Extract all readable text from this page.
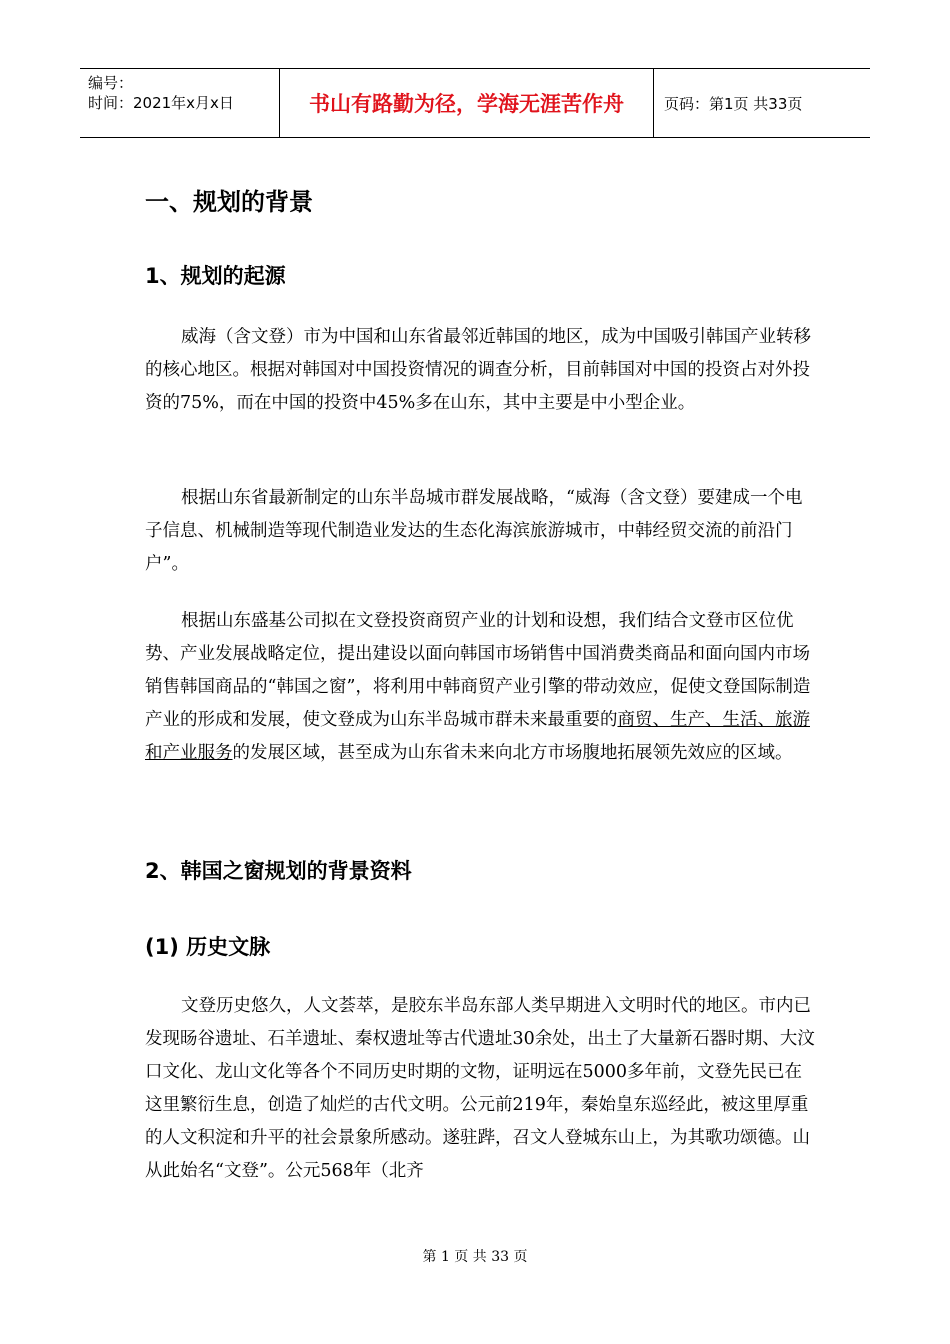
编号：
时间：2021年x月x日	书山有路勤为径，学海无涯苦作舟	页码：第1页 共33页
一、规划的背景
1、规划的起源
威海（含文登）市为中国和山东省最邻近韩国的地区，成为中国吸引韩国产业转移的核心地区。根据对韩国对中国投资情况的调查分析，目前韩国对中国的投资占对外投资的75%，而在中国的投资中45%多在山东，其中主要是中小型企业。
根据山东省最新制定的山东半岛城市群发展战略，“威海（含文登）要建成一个电子信息、机械制造等现代制造业发达的生态化海滨旅游城市，中韩经贸交流的前沿门户”。
根据山东盛基公司拟在文登投资商贸产业的计划和设想，我们结合文登市区位优势、产业发展战略定位，提出建设以面向韩国市场销售中国消费类商品和面向国内市场销售韩国商品的“韩国之窗”，将利用中韩商贸产业引擎的带动效应，促使文登国际制造产业的形成和发展，使文登成为山东半岛城市群未来最重要的商贸、生产、生活、旅游和产业服务的发展区域，甚至成为山东省未来向北方市场腹地拓展领先效应的区域。
2、韩国之窗规划的背景资料
(1) 历史文脉
文登历史悠久，人文荟萃，是胶东半岛东部人类早期进入文明时代的地区。市内已发现旸谷遗址、石羊遗址、秦权遗址等古代遗址30余处，出土了大量新石器时期、大汶口文化、龙山文化等各个不同历史时期的文物，证明远在5000多年前，文登先民已在这里繁衍生息，创造了灿烂的古代文明。公元前219年，秦始皇东巡经此，被这里厚重的人文积淀和升平的社会景象所感动。遂驻跸，召文人登城东山上，为其歌功颂德。山从此始名“文登”。公元568年（北齐
第 1 页 共 33 页
